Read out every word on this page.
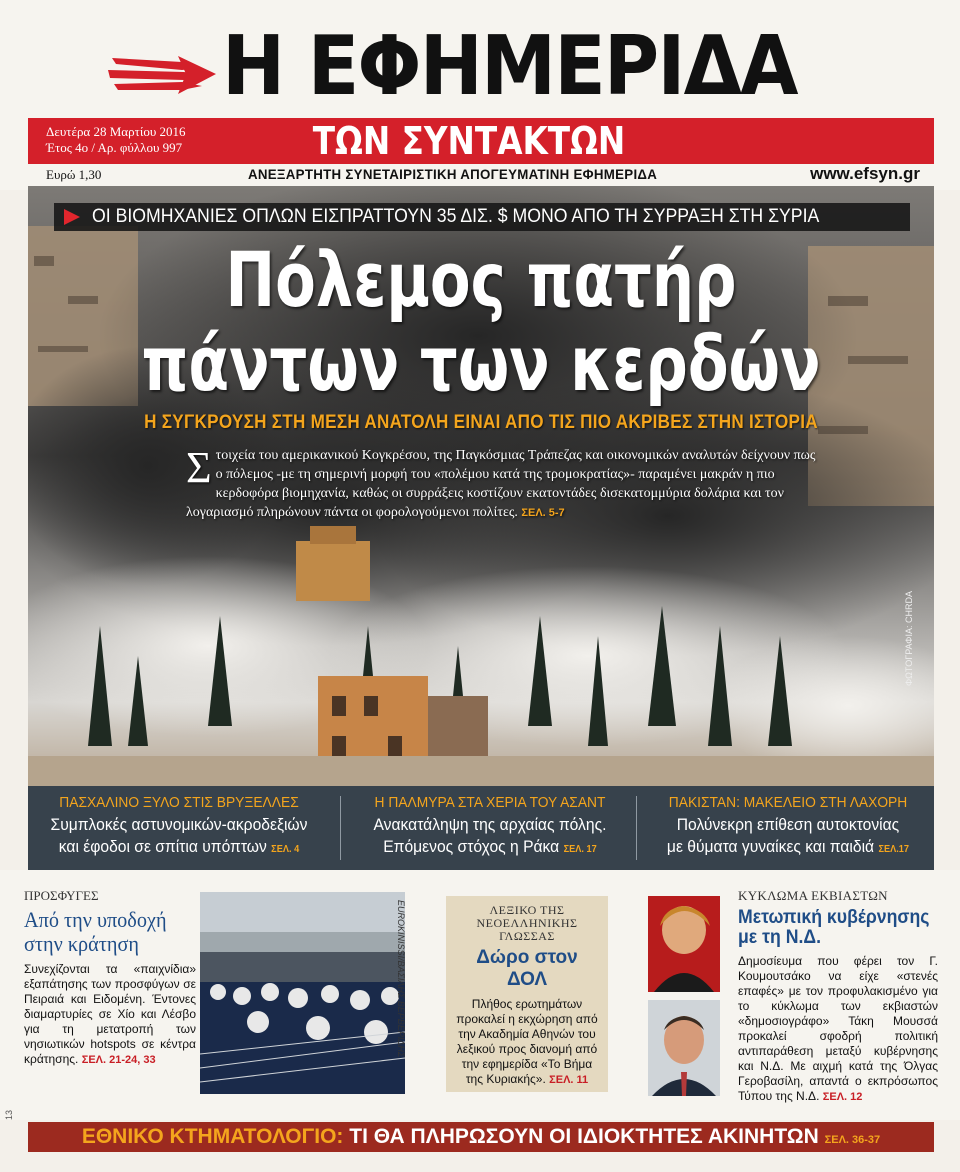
Η ΕΦΗΜΕΡΙΔΑ
Δευτέρα 28 Μαρτίου 2016
Έτος 4ο / Αρ. φύλλου 997	ΤΩΝ ΣΥΝΤΑΚΤΩΝ
Ευρώ 1,30	ΑΝΕΞΑΡΤΗΤΗ ΣΥΝΕΤΑΙΡΙΣΤΙΚΗ ΑΠΟΓΕΥΜΑΤΙΝΗ ΕΦΗΜΕΡΙΔΑ	www.efsyn.gr
ΟΙ ΒΙΟΜΗΧΑΝΙΕΣ ΟΠΛΩΝ ΕΙΣΠΡΑΤΤΟΥΝ 35 ΔΙΣ. $ ΜΟΝΟ ΑΠΟ ΤΗ ΣΥΡΡΑΞΗ ΣΤΗ ΣΥΡΙΑ
Πόλεμος πατήρ
πάντων των κερδών
Η ΣΥΓΚΡΟΥΣΗ ΣΤΗ ΜΕΣΗ ΑΝΑΤΟΛΗ ΕΙΝΑΙ ΑΠΟ ΤΙΣ ΠΙΟ ΑΚΡΙΒΕΣ ΣΤΗΝ ΙΣΤΟΡΙΑ
Σ τοιχεία του αμερικανικού Κογκρέσου, της Παγκόσμιας Τράπεζας και οικονομικών αναλυτών δείχνουν πως ο πόλεμος -με τη σημερινή μορφή του «πολέμου κατά της τρομοκρατίας»- παραμένει μακράν η πιο κερδοφόρα βιομηχανία, καθώς οι συρράξεις κοστίζουν εκατοντάδες δισεκατομμύρια δολάρια και τον λογαριασμό πληρώνουν πάντα οι φορολογούμενοι πολίτες. ΣΕΛ. 5-7
ΦΩΤΟΓΡΑΦΙΑ: CHRDA
ΠΑΣΧΑΛΙΝΟ ΞΥΛΟ ΣΤΙΣ ΒΡΥΞΕΛΛΕΣ
Συμπλοκές αστυνομικών-ακροδεξιών
και έφοδοι σε σπίτια υπόπτων ΣΕΛ. 4
Η ΠΑΛΜΥΡΑ ΣΤΑ ΧΕΡΙΑ ΤΟΥ ΑΣΑΝΤ
Ανακατάληψη της αρχαίας πόλης.
Επόμενος στόχος η Ράκα ΣΕΛ. 17
ΠΑΚΙΣΤΑΝ: ΜΑΚΕΛΕΙΟ ΣΤΗ ΛΑΧΟΡΗ
Πολύνεκρη επίθεση αυτοκτονίας
με θύματα γυναίκες και παιδιά ΣΕΛ.17
ΠΡΟΣΦΥΓΕΣ
Από την υποδοχή
στην κράτηση
Συνεχίζονται τα «παιχνίδια» εξαπάτησης των προσφύγων σε Πειραιά και Ειδομένη. Έντονες διαμαρτυρίες σε Χίο και Λέσβο για τη μετατροπή των νησιωτικών hotspots σε κέντρα κράτησης. ΣΕΛ. 21-24, 33
EUROKINISSI/ΒΑΣΙΛΗΣ ΒΕΡΒΕΡΙΔΗΣ	ΛΕΞΙΚΟ ΤΗΣ
ΝΕΟΕΛΛΗΝΙΚΗΣ
ΓΛΩΣΣΑΣ
Δώρο στον ΔΟΛ
Πλήθος ερωτημάτων προκαλεί η εκχώρηση από την Ακαδημία Αθηνών του λεξικού προς διανομή από την εφημερίδα «Το Βήμα της Κυριακής». ΣΕΛ. 11
ΚΥΚΛΩΜΑ ΕΚΒΙΑΣΤΩΝ
Μετωπική κυβέρνησης
με τη Ν.Δ.
Δημοσίευμα που φέρει τον Γ. Κουμουτσάκο να είχε «στενές επαφές» με τον προφυλακισμένο για το κύκλωμα των εκβιαστών «δημοσιογράφο» Τάκη Μουσσά προκαλεί σφοδρή πολιτική αντιπαράθεση μεταξύ κυβέρνησης και Ν.Δ. Με αιχμή κατά της Όλγας Γεροβασίλη, απαντά ο εκπρόσωπος Τύπου της Ν.Δ. ΣΕΛ. 12
ΕΘΝΙΚΟ ΚΤΗΜΑΤΟΛΟΓΙΟ: ΤΙ ΘΑ ΠΛΗΡΩΣΟΥΝ ΟΙ ΙΔΙΟΚΤΗΤΕΣ ΑΚΙΝΗΤΩΝ ΣΕΛ. 36-37
13
